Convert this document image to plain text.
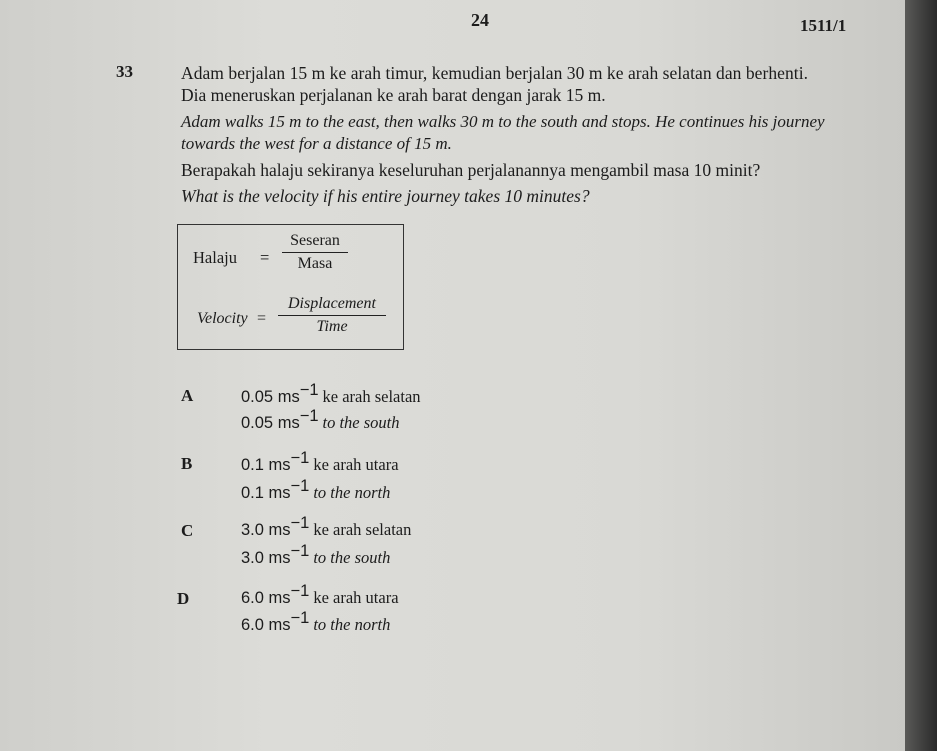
24	1511/1
33	Adam berjalan 15 m ke arah timur, kemudian berjalan 30 m ke arah selatan dan berhenti.
Dia meneruskan perjalanan ke arah barat dengan jarak 15 m.
Adam walks 15 m to the east, then walks 30 m to the south and stops. He continues his journey
towards the west for a distance of 15 m.
Berapakah halaju sekiranya keseluruhan perjalanannya mengambil masa 10 minit?
What is the velocity if his entire journey takes 10 minutes?
Halaju =
Seseran
Masa
Velocity =
Displacement
Time
A	0.05 $ms^{-1}$ ke arah selatan
0.05 $ms^{-1}$ to the south
B	0.1 $ms^{-1}$ ke arah utara
0.1 $ms^{-1}$ to the north
C	3.0 $ms^{-1}$ ke arah selatan
3.0 $ms^{-1}$ to the south
D	6.0 $ms^{-1}$ ke arah utara
6.0 $ms^{-1}$ to the north
